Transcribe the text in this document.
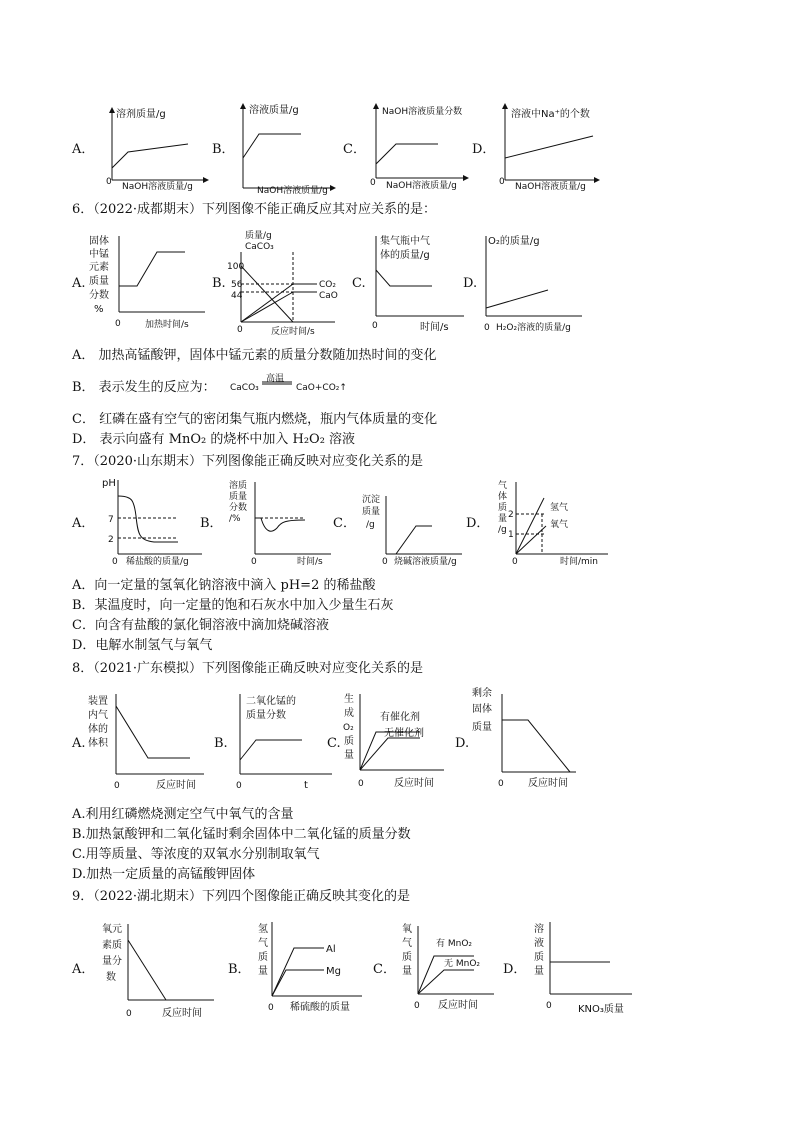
A．
溶剂质量/g
0 NaOH溶液质量/g
B．
溶液质量/g
NaOH溶液质量/g
C．
NaOH溶液质量分数
0 NaOH溶液质量/g
D．
溶液中Na⁺的个数
0 NaOH溶液质量/g
6．（2022·成都期末）下列图像不能正确反应其对应关系的是：
A.
固体
中锰
元素
质量
分数
%
0	加热时间/s
B.
质量/g
CaCO₃
100
56
44
CO₂
CaO
0	反应时间/s
C.
集气瓶中气
体的质量/g
0	时间/s
D.
O₂的质量/g
0 H₂O₂溶液的质量/g
A． 加热高锰酸钾，固体中锰元素的质量分数随加热时间的变化
B． 表示发生的反应为： CaCO₃
高温
CaO+CO₂↑
C． 红磷在盛有空气的密闭集气瓶内燃烧，瓶内气体质量的变化
D． 表示向盛有 MnO₂ 的烧杯中加入 H₂O₂ 溶液
7．（2020·山东期末）下列图像能正确反映对应变化关系的是
A．
pH
7
2
0 稀盐酸的质量/g
B．
溶质
质量
分数
/%
0	时间/s
C．
沉淀
质量
/g
0 烧碱溶液质量/g
D．
气
体
质
量
/g
2
1
氢气
氧气
0	时间/min
A．向一定量的氢氧化钠溶液中滴入 pH=2 的稀盐酸
B．某温度时，向一定量的饱和石灰水中加入少量生石灰
C．向含有盐酸的氯化铜溶液中滴加烧碱溶液
D．电解水制氢气与氧气
8．（2021·广东模拟）下列图像能正确反映对应变化关系的是
A.
装置
内气
体的
体积
0	反应时间
B.
二氧化锰的
质量分数
0	t
C.
生
成
O₂
质
量
有催化剂
无催化剂
0	反应时间
D.
剩余
固体
质量
0 反应时间
A.利用红磷燃烧测定空气中氧气的含量
B.加热氯酸钾和二氧化锰时剩余固体中二氧化锰的质量分数
C.用等质量、等浓度的双氧水分别制取氧气
D.加热一定质量的高锰酸钾固体
9．（2022·湖北期末）下列四个图像能正确反映其变化的是
A．
氧元
素质
量分
数
0	反应时间
B．
氢
气
质
量
Al
Mg
0 稀硫酸的质量
C．
氧
气
质
量
有 MnO₂
无 MnO₂
0 反应时间
D．
溶
液
质
量
0	KNO₃质量
